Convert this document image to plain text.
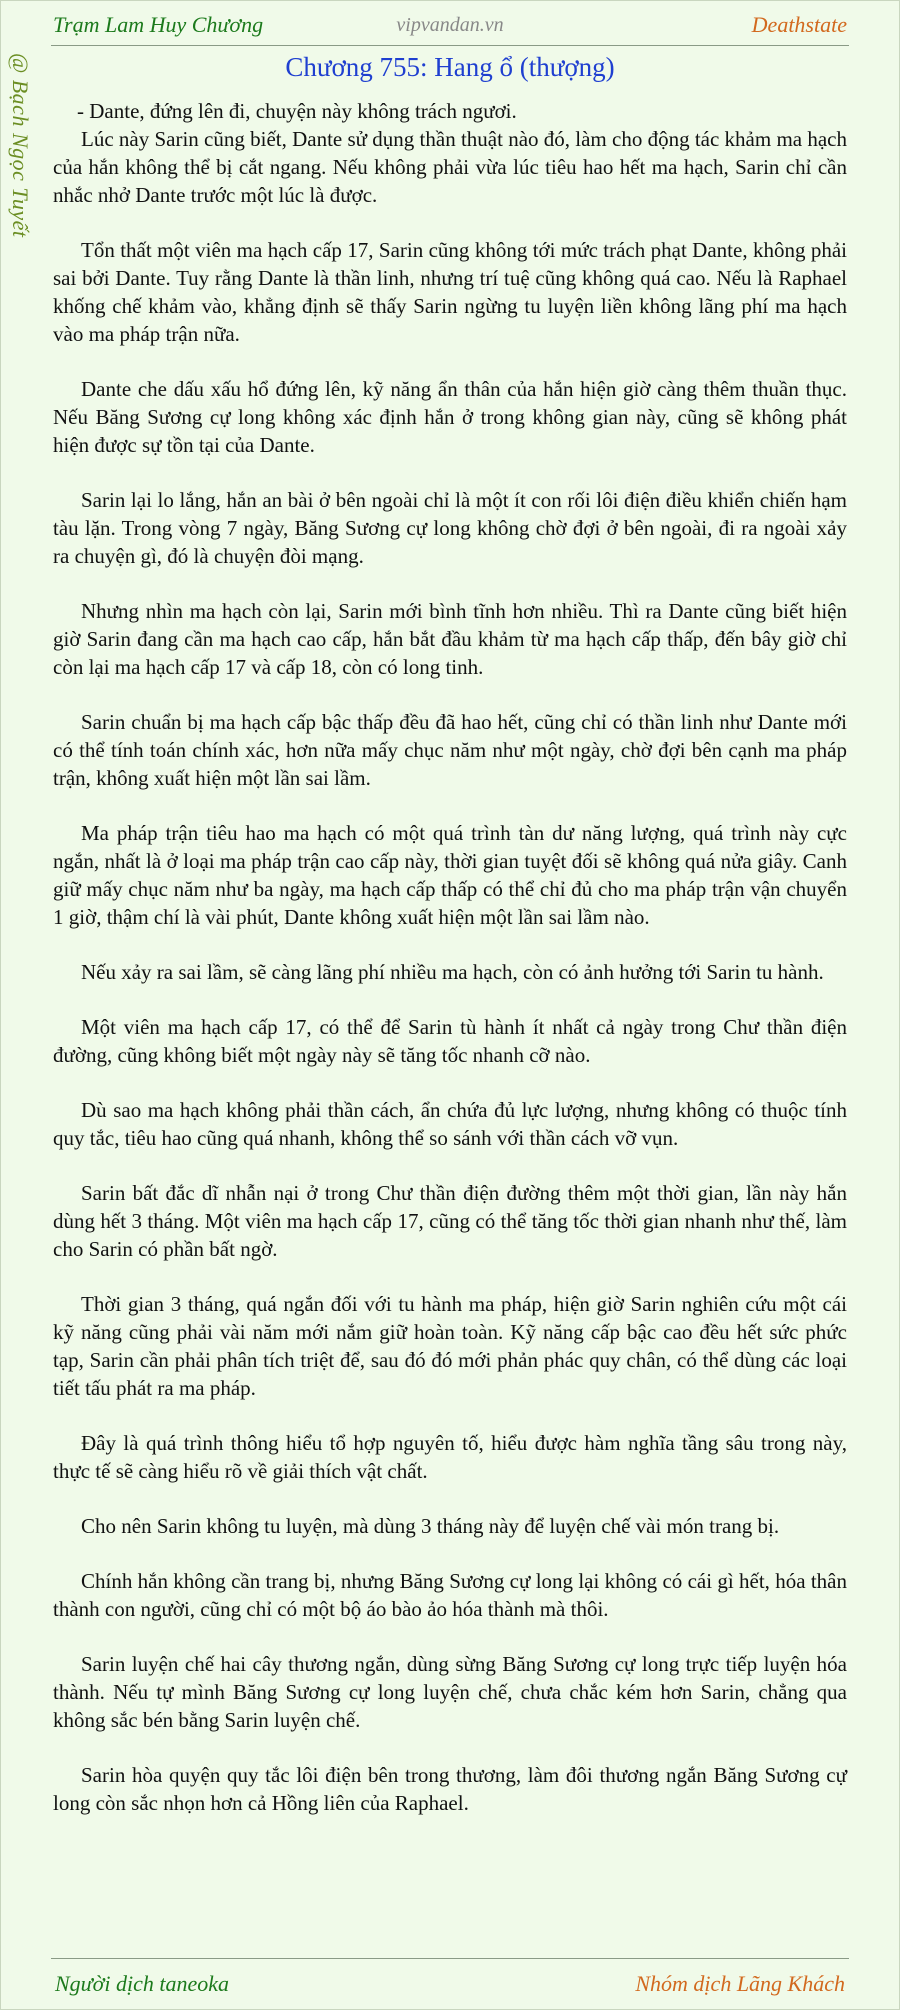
Trạm Lam Huy Chương	vipvandan.vn	Deathstate
@ Bạch Ngọc Tuyết	Chương 755: Hang ổ (thượng)

- Dante, đứng lên đi, chuyện này không trách ngươi.

Lúc này Sarin cũng biết, Dante sử dụng thần thuật nào đó, làm cho động tác khảm ma hạch của hắn không thể bị cắt ngang. Nếu không phải vừa lúc tiêu hao hết ma hạch, Sarin chỉ cần nhắc nhở Dante trước một lúc là được.

Tổn thất một viên ma hạch cấp 17, Sarin cũng không tới mức trách phạt Dante, không phải sai bởi Dante. Tuy rằng Dante là thần linh, nhưng trí tuệ cũng không quá cao. Nếu là Raphael khống chế khảm vào, khẳng định sẽ thấy Sarin ngừng tu luyện liền không lãng phí ma hạch vào ma pháp trận nữa.

Dante che dấu xấu hổ đứng lên, kỹ năng ẩn thân của hắn hiện giờ càng thêm thuần thục. Nếu Băng Sương cự long không xác định hắn ở trong không gian này, cũng sẽ không phát hiện được sự tồn tại của Dante.

Sarin lại lo lắng, hắn an bài ở bên ngoài chỉ là một ít con rối lôi điện điều khiển chiến hạm tàu lặn. Trong vòng 7 ngày, Băng Sương cự long không chờ đợi ở bên ngoài, đi ra ngoài xảy ra chuyện gì, đó là chuyện đòi mạng.

Nhưng nhìn ma hạch còn lại, Sarin mới bình tĩnh hơn nhiều. Thì ra Dante cũng biết hiện giờ Sarin đang cần ma hạch cao cấp, hắn bắt đầu khảm từ ma hạch cấp thấp, đến bây giờ chỉ còn lại ma hạch cấp 17 và cấp 18, còn có long tinh.

Sarin chuẩn bị ma hạch cấp bậc thấp đều đã hao hết, cũng chỉ có thần linh như Dante mới có thể tính toán chính xác, hơn nữa mấy chục năm như một ngày, chờ đợi bên cạnh ma pháp trận, không xuất hiện một lần sai lầm.

Ma pháp trận tiêu hao ma hạch có một quá trình tàn dư năng lượng, quá trình này cực ngắn, nhất là ở loại ma pháp trận cao cấp này, thời gian tuyệt đối sẽ không quá nửa giây. Canh giữ mấy chục năm như ba ngày, ma hạch cấp thấp có thể chỉ đủ cho ma pháp trận vận chuyển 1 giờ, thậm chí là vài phút, Dante không xuất hiện một lần sai lầm nào.

Nếu xảy ra sai lầm, sẽ càng lãng phí nhiều ma hạch, còn có ảnh hưởng tới Sarin tu hành.

Một viên ma hạch cấp 17, có thể để Sarin tù hành ít nhất cả ngày trong Chư thần điện đường, cũng không biết một ngày này sẽ tăng tốc nhanh cỡ nào.

Dù sao ma hạch không phải thần cách, ẩn chứa đủ lực lượng, nhưng không có thuộc tính quy tắc, tiêu hao cũng quá nhanh, không thể so sánh với thần cách vỡ vụn.

Sarin bất đắc dĩ nhẫn nại ở trong Chư thần điện đường thêm một thời gian, lần này hắn dùng hết 3 tháng. Một viên ma hạch cấp 17, cũng có thể tăng tốc thời gian nhanh như thế, làm cho Sarin có phần bất ngờ.

Thời gian 3 tháng, quá ngắn đối với tu hành ma pháp, hiện giờ Sarin nghiên cứu một cái kỹ năng cũng phải vài năm mới nắm giữ hoàn toàn. Kỹ năng cấp bậc cao đều hết sức phức tạp, Sarin cần phải phân tích triệt để, sau đó đó mới phản phác quy chân, có thể dùng các loại tiết tấu phát ra ma pháp.

Đây là quá trình thông hiểu tổ hợp nguyên tố, hiểu được hàm nghĩa tầng sâu trong này, thực tế sẽ càng hiểu rõ về giải thích vật chất.

Cho nên Sarin không tu luyện, mà dùng 3 tháng này để luyện chế vài món trang bị.

Chính hắn không cần trang bị, nhưng Băng Sương cự long lại không có cái gì hết, hóa thân thành con người, cũng chỉ có một bộ áo bào ảo hóa thành mà thôi.

Sarin luyện chế hai cây thương ngắn, dùng sừng Băng Sương cự long trực tiếp luyện hóa thành. Nếu tự mình Băng Sương cự long luyện chế, chưa chắc kém hơn Sarin, chẳng qua không sắc bén bằng Sarin luyện chế.

Sarin hòa quyện quy tắc lôi điện bên trong thương, làm đôi thương ngắn Băng Sương cự long còn sắc nhọn hơn cả Hồng liên của Raphael.

Người dịch taneoka	Nhóm dịch Lãng Khách
